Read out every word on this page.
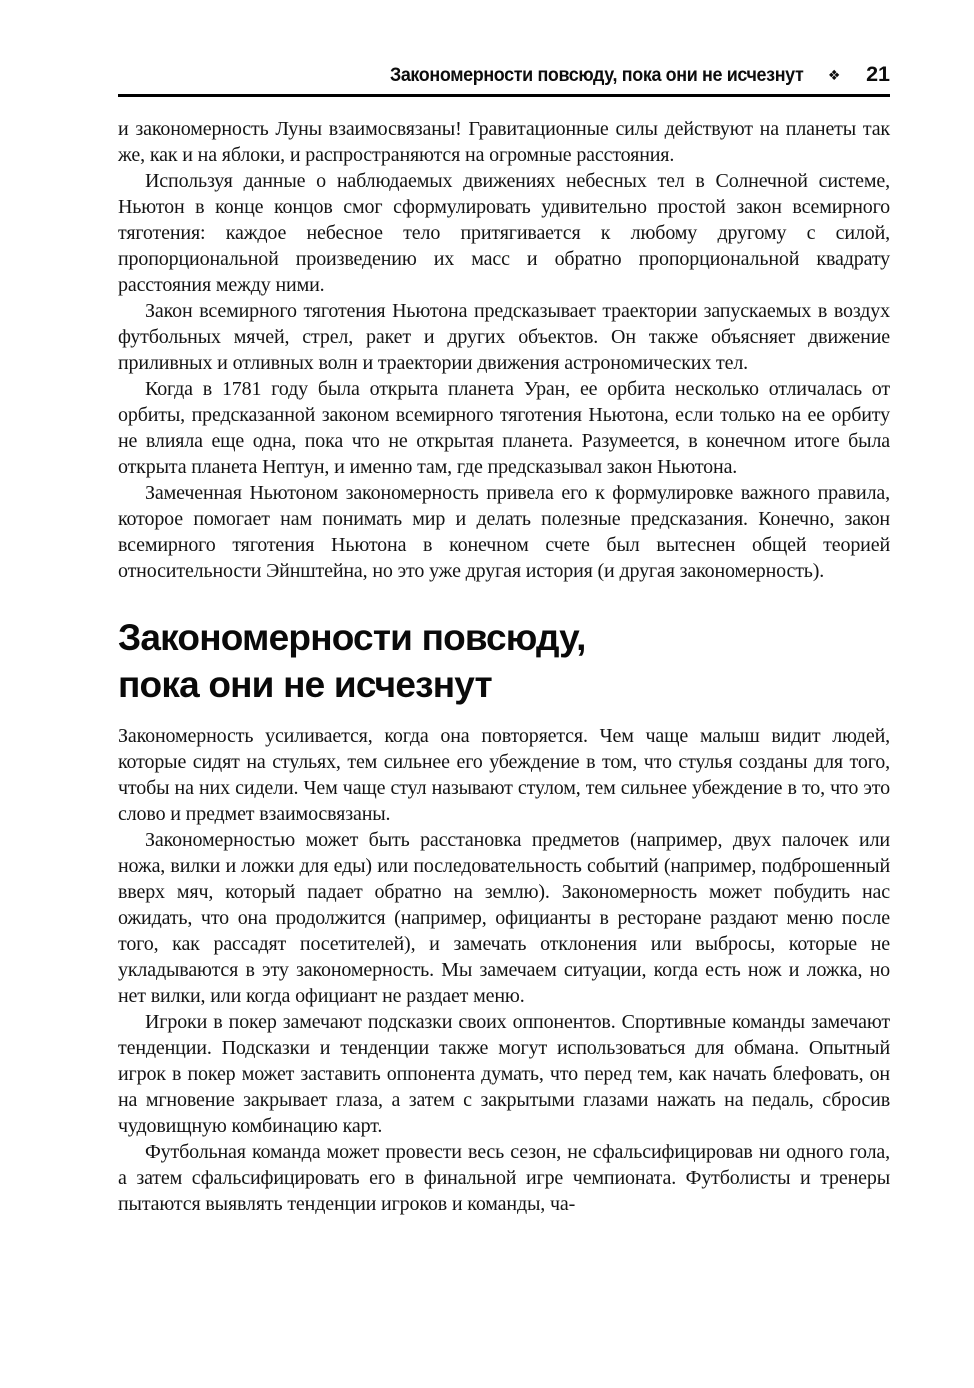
Закономерности повсюду, пока они не исчезнут ❖ 21

и закономерность Луны взаимосвязаны! Гравитационные силы действуют на планеты так же, как и на яблоки, и распространяются на огромные расстояния.

Используя данные о наблюдаемых движениях небесных тел в Солнечной системе, Ньютон в конце концов смог сформулировать удивительно простой закон всемирного тяготения: каждое небесное тело притягивается к любому другому с силой, пропорциональной произведению их масс и обратно пропорциональной квадрату расстояния между ними.

Закон всемирного тяготения Ньютона предсказывает траектории запускаемых в воздух футбольных мячей, стрел, ракет и других объектов. Он также объясняет движение приливных и отливных волн и траектории движения астрономических тел.

Когда в 1781 году была открыта планета Уран, ее орбита несколько отличалась от орбиты, предсказанной законом всемирного тяготения Ньютона, если только на ее орбиту не влияла еще одна, пока что не открытая планета. Разумеется, в конечном итоге была открыта планета Нептун, и именно там, где предсказывал закон Ньютона.

Замеченная Ньютоном закономерность привела его к формулировке важного правила, которое помогает нам понимать мир и делать полезные предсказания. Конечно, закон всемирного тяготения Ньютона в конечном счете был вытеснен общей теорией относительности Эйнштейна, но это уже другая история (и другая закономерность).

Закономерности повсюду,
пока они не исчезнут

Закономерность усиливается, когда она повторяется. Чем чаще малыш видит людей, которые сидят на стульях, тем сильнее его убеждение в том, что стулья созданы для того, чтобы на них сидели. Чем чаще стул называют стулом, тем сильнее убеждение в то, что это слово и предмет взаимосвязаны.

Закономерностью может быть расстановка предметов (например, двух палочек или ножа, вилки и ложки для еды) или последовательность событий (например, подброшенный вверх мяч, который падает обратно на землю). Закономерность может побудить нас ожидать, что она продолжится (например, официанты в ресторане раздают меню после того, как рассадят посетителей), и замечать отклонения или выбросы, которые не укладываются в эту закономерность. Мы замечаем ситуации, когда есть нож и ложка, но нет вилки, или когда официант не раздает меню.

Игроки в покер замечают подсказки своих оппонентов. Спортивные команды замечают тенденции. Подсказки и тенденции также могут использоваться для обмана. Опытный игрок в покер может заставить оппонента думать, что перед тем, как начать блефовать, он на мгновение закрывает глаза, а затем с закрытыми глазами нажать на педаль, сбросив чудовищную комбинацию карт.

Футбольная команда может провести весь сезон, не сфальсифицировав ни одного гола, а затем сфальсифицировать его в финальной игре чемпионата. Футболисты и тренеры пытаются выявлять тенденции игроков и команды, ча-
